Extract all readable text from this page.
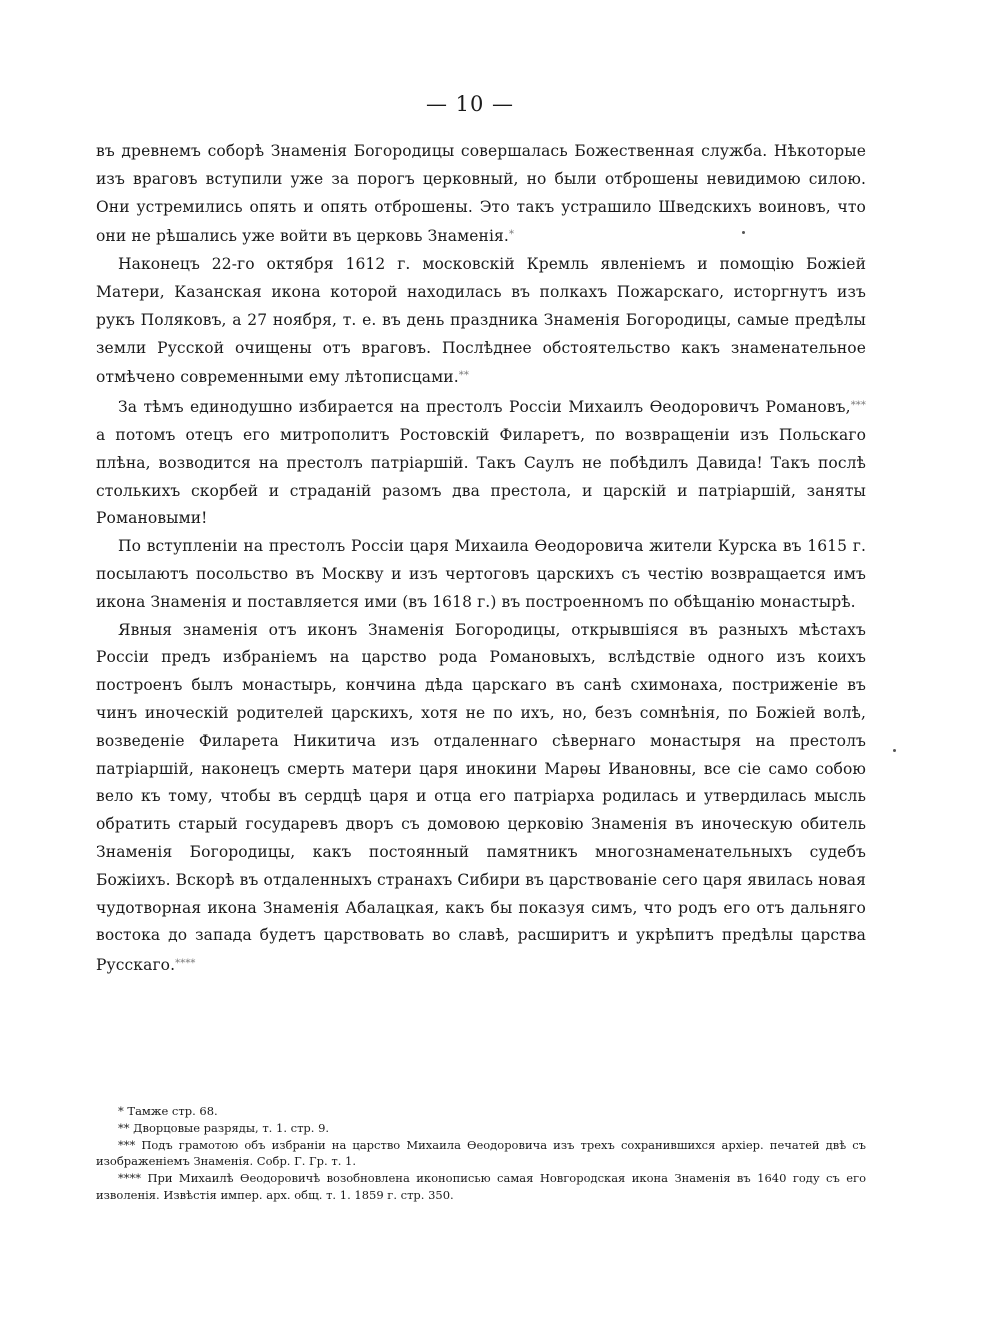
— 10 —

въ древнемъ соборѣ Знаменія Богородицы совершалась Божественная служба. Нѣкоторые изъ враговъ вступили уже за порогъ церковный, но были отброшены невидимою силою. Они устремились опять и опять отброшены. Это такъ устрашило Шведскихъ воиновъ, что они не рѣшались уже войти въ церковь Знаменія.*

Наконецъ 22-го октября 1612 г. московскій Кремль явленіемъ и помощію Божіей Матери, Казанская икона которой находилась въ полкахъ Пожарскаго, исторгнутъ изъ рукъ Поляковъ, а 27 ноября, т. е. въ день праздника Знаменія Богородицы, самые предѣлы земли Русской очищены отъ враговъ. Послѣднее обстоятельство какъ знаменательное отмѣчено современными ему лѣтописцами.**

За тѣмъ единодушно избирается на престолъ Россіи Михаилъ Ѳеодоровичъ Романовъ,*** а потомъ отецъ его митрополитъ Ростовскій Филаретъ, по возвращеніи изъ Польскаго плѣна, возводится на престолъ патріаршій. Такъ Саулъ не побѣдилъ Давида! Такъ послѣ столькихъ скорбей и страданій разомъ два престола, и царскій и патріаршій, заняты Романовыми!

По вступленіи на престолъ Россіи царя Михаила Ѳеодоровича жители Курска въ 1615 г. посылаютъ посольство въ Москву и изъ чертоговъ царскихъ съ честію возвращается имъ икона Знаменія и поставляется ими (въ 1618 г.) въ построенномъ по обѣщанію монастырѣ.

Явныя знаменія отъ иконъ Знаменія Богородицы, открывшіяся въ разныхъ мѣстахъ Россіи предъ избраніемъ на царство рода Романовыхъ, вслѣдствіе одного изъ коихъ построенъ былъ монастырь, кончина дѣда царскаго въ санѣ схимонаха, постриженіе въ чинъ иноческій родителей царскихъ, хотя не по ихъ, но, безъ сомнѣнія, по Божіей волѣ, возведеніе Филарета Никитича изъ отдаленнаго сѣвернаго монастыря на престолъ патріаршій, наконецъ смерть матери царя инокини Марѳы Ивановны, все сіе само собою вело къ тому, чтобы въ сердцѣ царя и отца его патріарха родилась и утвердилась мысль обратить старый государевъ дворъ съ домовою церковію Знаменія въ иноческую обитель Знаменія Богородицы, какъ постоянный памятникъ многознаменательныхъ судебъ Божіихъ. Вскорѣ въ отдаленныхъ странахъ Сибири въ царствованіе сего царя явилась новая чудотворная икона Знаменія Абалацкая, какъ бы показуя симъ, что родъ его отъ дальняго востока до запада будетъ царствовать во славѣ, расширитъ и укрѣпитъ предѣлы царства Русскаго.****

* Тамже стр. 68.

** Дворцовые разряды, т. 1. стр. 9.

*** Подъ грамотою объ избраніи на царство Михаила Ѳеодоровича изъ трехъ сохранившихся архіер. печатей двѣ съ изображеніемъ Знаменія. Собр. Г. Гр. т. 1.

**** При Михаилѣ Ѳеодоровичѣ возобновлена иконописью самая Новгородская икона Знаменія въ 1640 году съ его изволенія. Извѣстія импер. арх. общ. т. 1. 1859 г. стр. 350.
